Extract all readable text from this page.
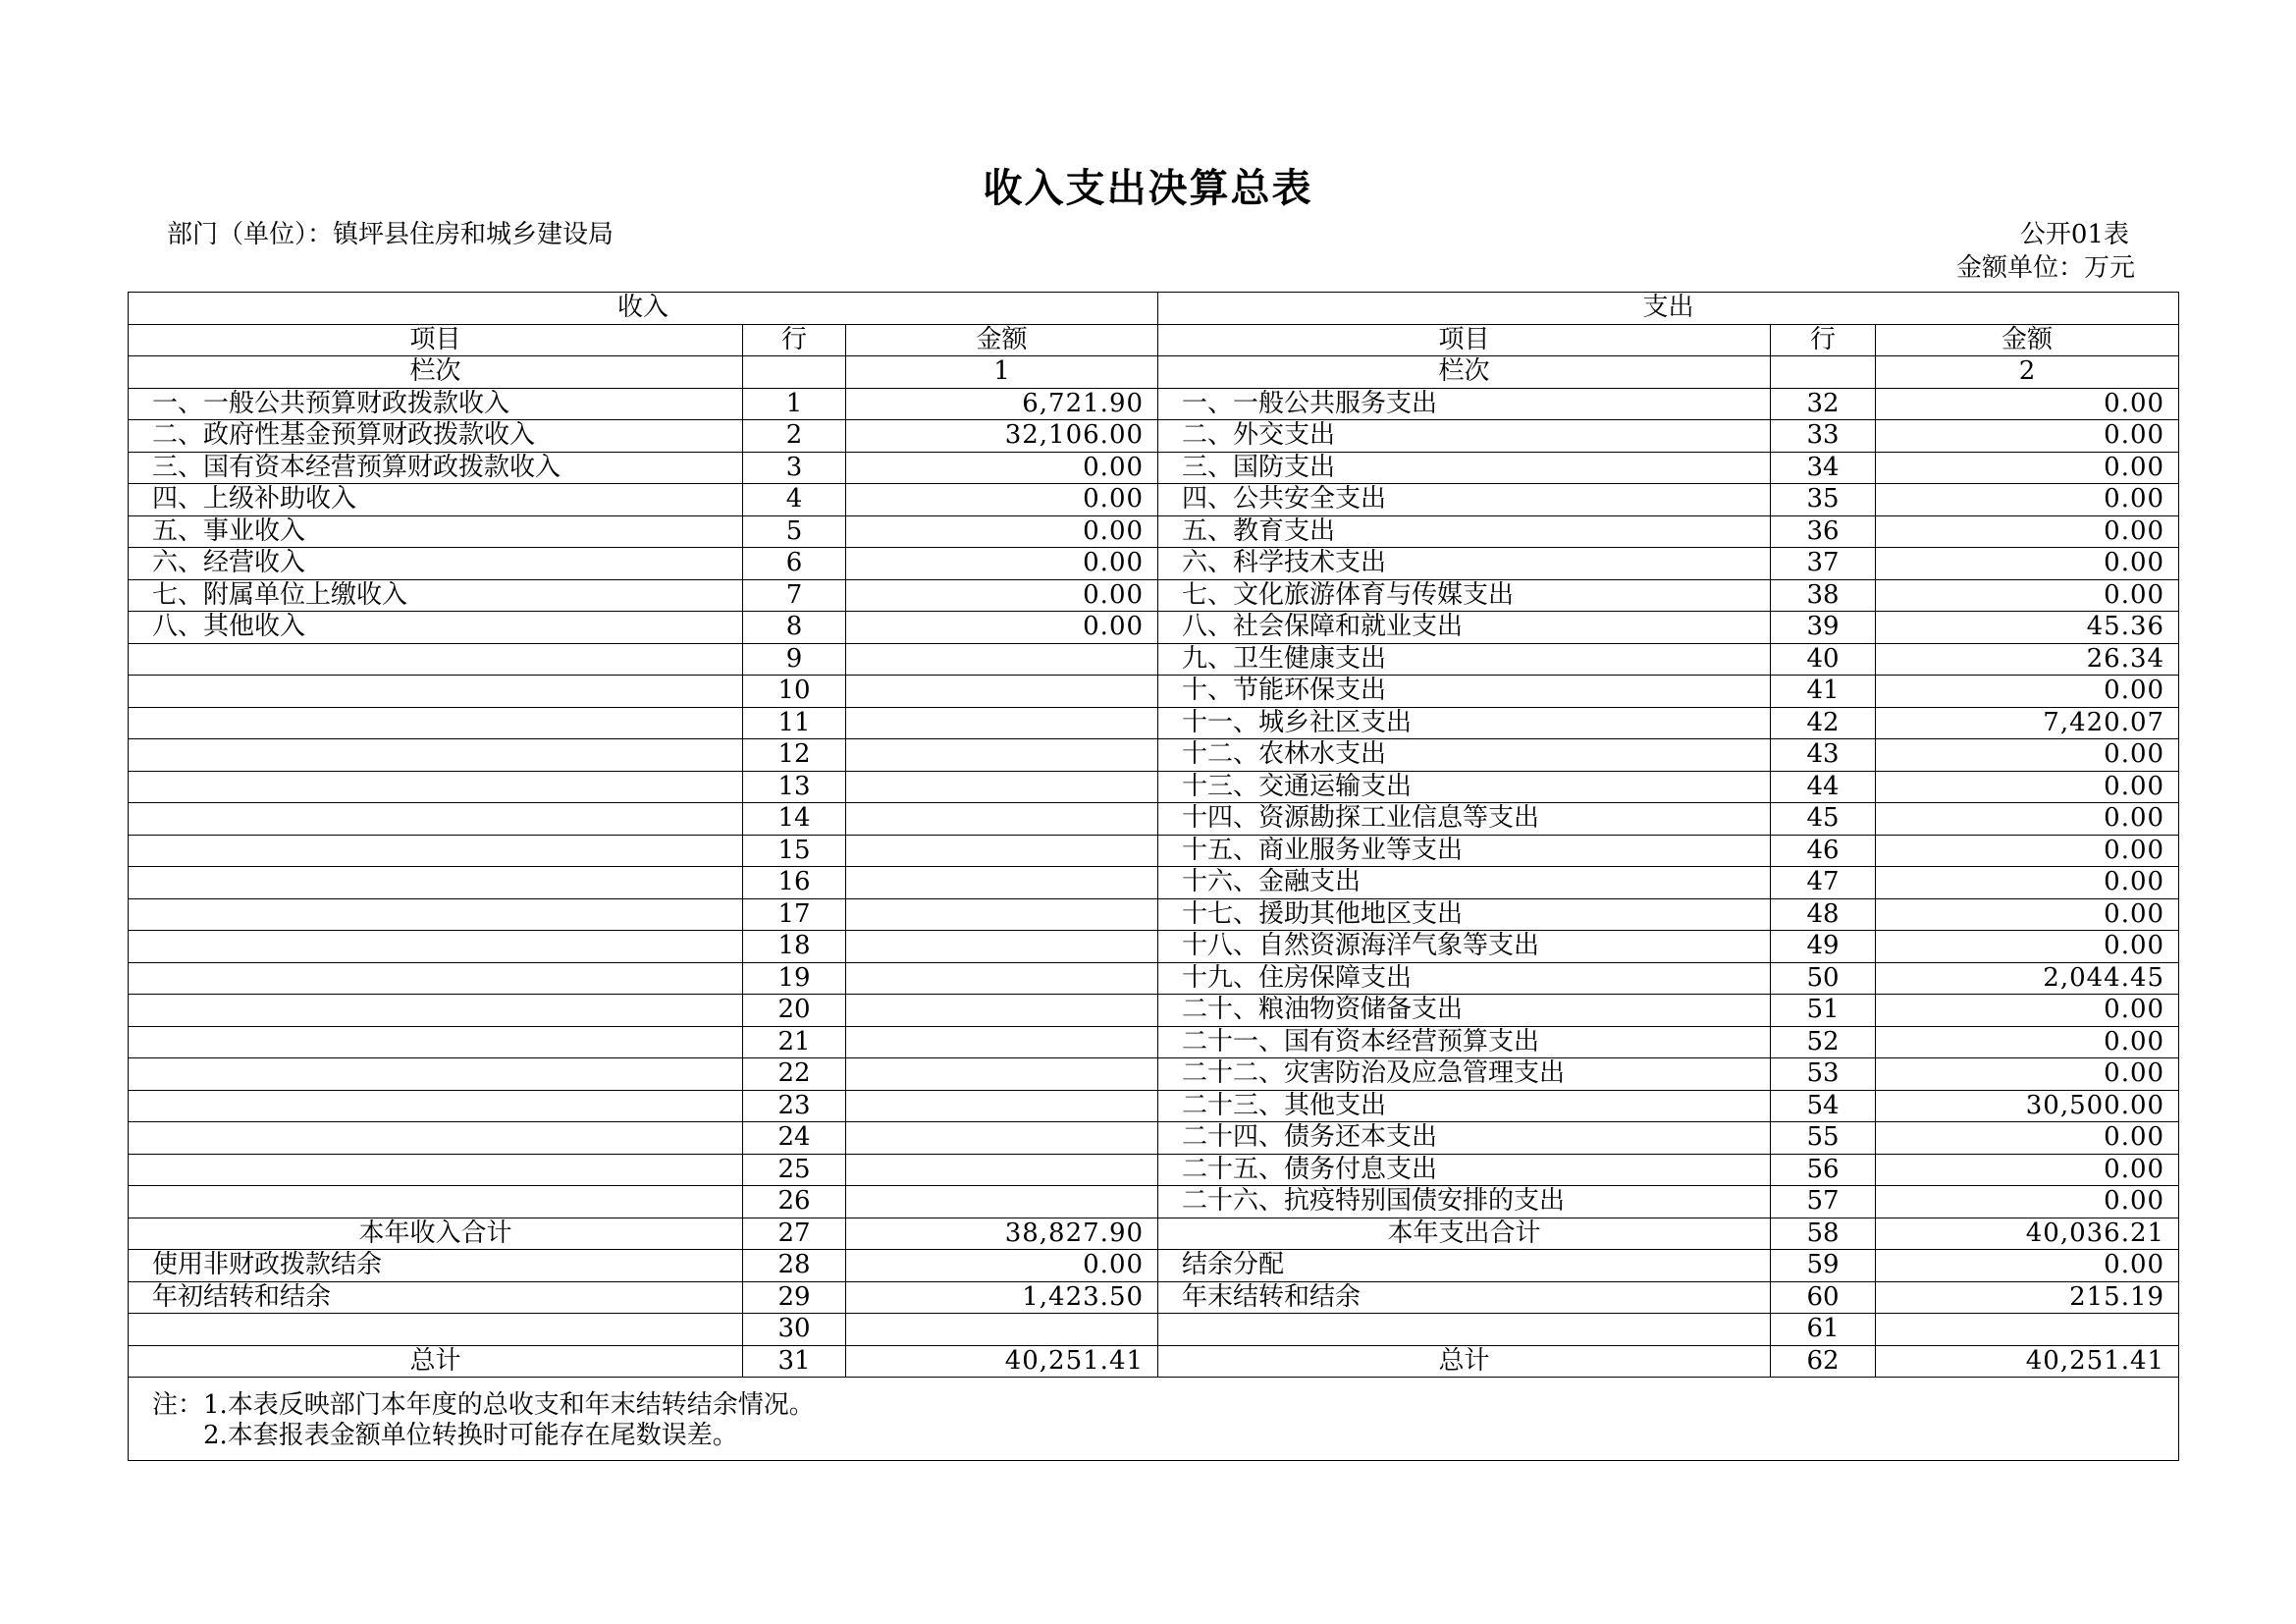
收入支出决算总表
部门（单位）：镇坪县住房和城乡建设局	公开01表
金额单位：万元
收入			支出		
项目	行	金额	项目	行	金额
栏次		1	栏次		2
一、一般公共预算财政拨款收入	1	6,721.90	一、一般公共服务支出	32	0.00
二、政府性基金预算财政拨款收入	2	32,106.00	二、外交支出	33	0.00
三、国有资本经营预算财政拨款收入	3	0.00	三、国防支出	34	0.00
四、上级补助收入	4	0.00	四、公共安全支出	35	0.00
五、事业收入	5	0.00	五、教育支出	36	0.00
六、经营收入	6	0.00	六、科学技术支出	37	0.00
七、附属单位上缴收入	7	0.00	七、文化旅游体育与传媒支出	38	0.00
八、其他收入	8	0.00	八、社会保障和就业支出	39	45.36
	9		九、卫生健康支出	40	26.34
	10		十、节能环保支出	41	0.00
	11		十一、城乡社区支出	42	7,420.07
	12		十二、农林水支出	43	0.00
	13		十三、交通运输支出	44	0.00
	14		十四、资源勘探工业信息等支出	45	0.00
	15		十五、商业服务业等支出	46	0.00
	16		十六、金融支出	47	0.00
	17		十七、援助其他地区支出	48	0.00
	18		十八、自然资源海洋气象等支出	49	0.00
	19		十九、住房保障支出	50	2,044.45
	20		二十、粮油物资储备支出	51	0.00
	21		二十一、国有资本经营预算支出	52	0.00
	22		二十二、灾害防治及应急管理支出	53	0.00
	23		二十三、其他支出	54	30,500.00
	24		二十四、债务还本支出	55	0.00
	25		二十五、债务付息支出	56	0.00
	26		二十六、抗疫特别国债安排的支出	57	0.00
本年收入合计	27	38,827.90	本年支出合计	58	40,036.21
使用非财政拨款结余	28	0.00	结余分配	59	0.00
年初结转和结余	29	1,423.50	年末结转和结余	60	215.19
	30			61	
总计	31	40,251.41	总计	62	40,251.41

注：1.本表反映部门本年度的总收支和年末结转结余情况。
2.本套报表金额单位转换时可能存在尾数误差。					
